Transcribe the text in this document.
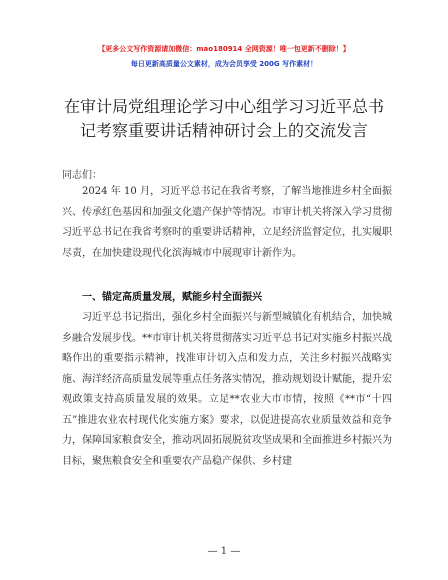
【更多公文写作资源请加微信：mao180914 全网资源！唯一包更新不删除！】
每日更新高质量公文素材，成为会员享受 200G 写作素材！
在审计局党组理论学习中心组学习习近平总书
记考察重要讲话精神研讨会上的交流发言
同志们：
2024 年 10 月，习近平总书记在我省考察，了解当地推进乡村全面振兴、传承红色基因和加强文化遗产保护等情况。市审计机关将深入学习贯彻习近平总书记在我省考察时的重要讲话精神，立足经济监督定位，扎实履职尽责，在加快建设现代化滨海城市中展现审计新作为。
一、锚定高质量发展，赋能乡村全面振兴
习近平总书记指出，强化乡村全面振兴与新型城镇化有机结合，加快城乡融合发展步伐。**市审计机关将贯彻落实习近平总书记对实施乡村振兴战略作出的重要指示精神，找准审计切入点和发力点，关注乡村振兴战略实施、海洋经济高质量发展等重点任务落实情况，推动规划设计赋能，提升宏观政策支持高质量发展的效果。立足**农业大市市情，按照《**市“十四五”推进农业农村现代化实施方案》要求，以促进提高农业质量效益和竞争力，保障国家粮食安全，推动巩固拓展脱贫攻坚成果和全面推进乡村振兴为目标，聚焦粮食安全和重要农产品稳产保供、乡村建
— 1 —
